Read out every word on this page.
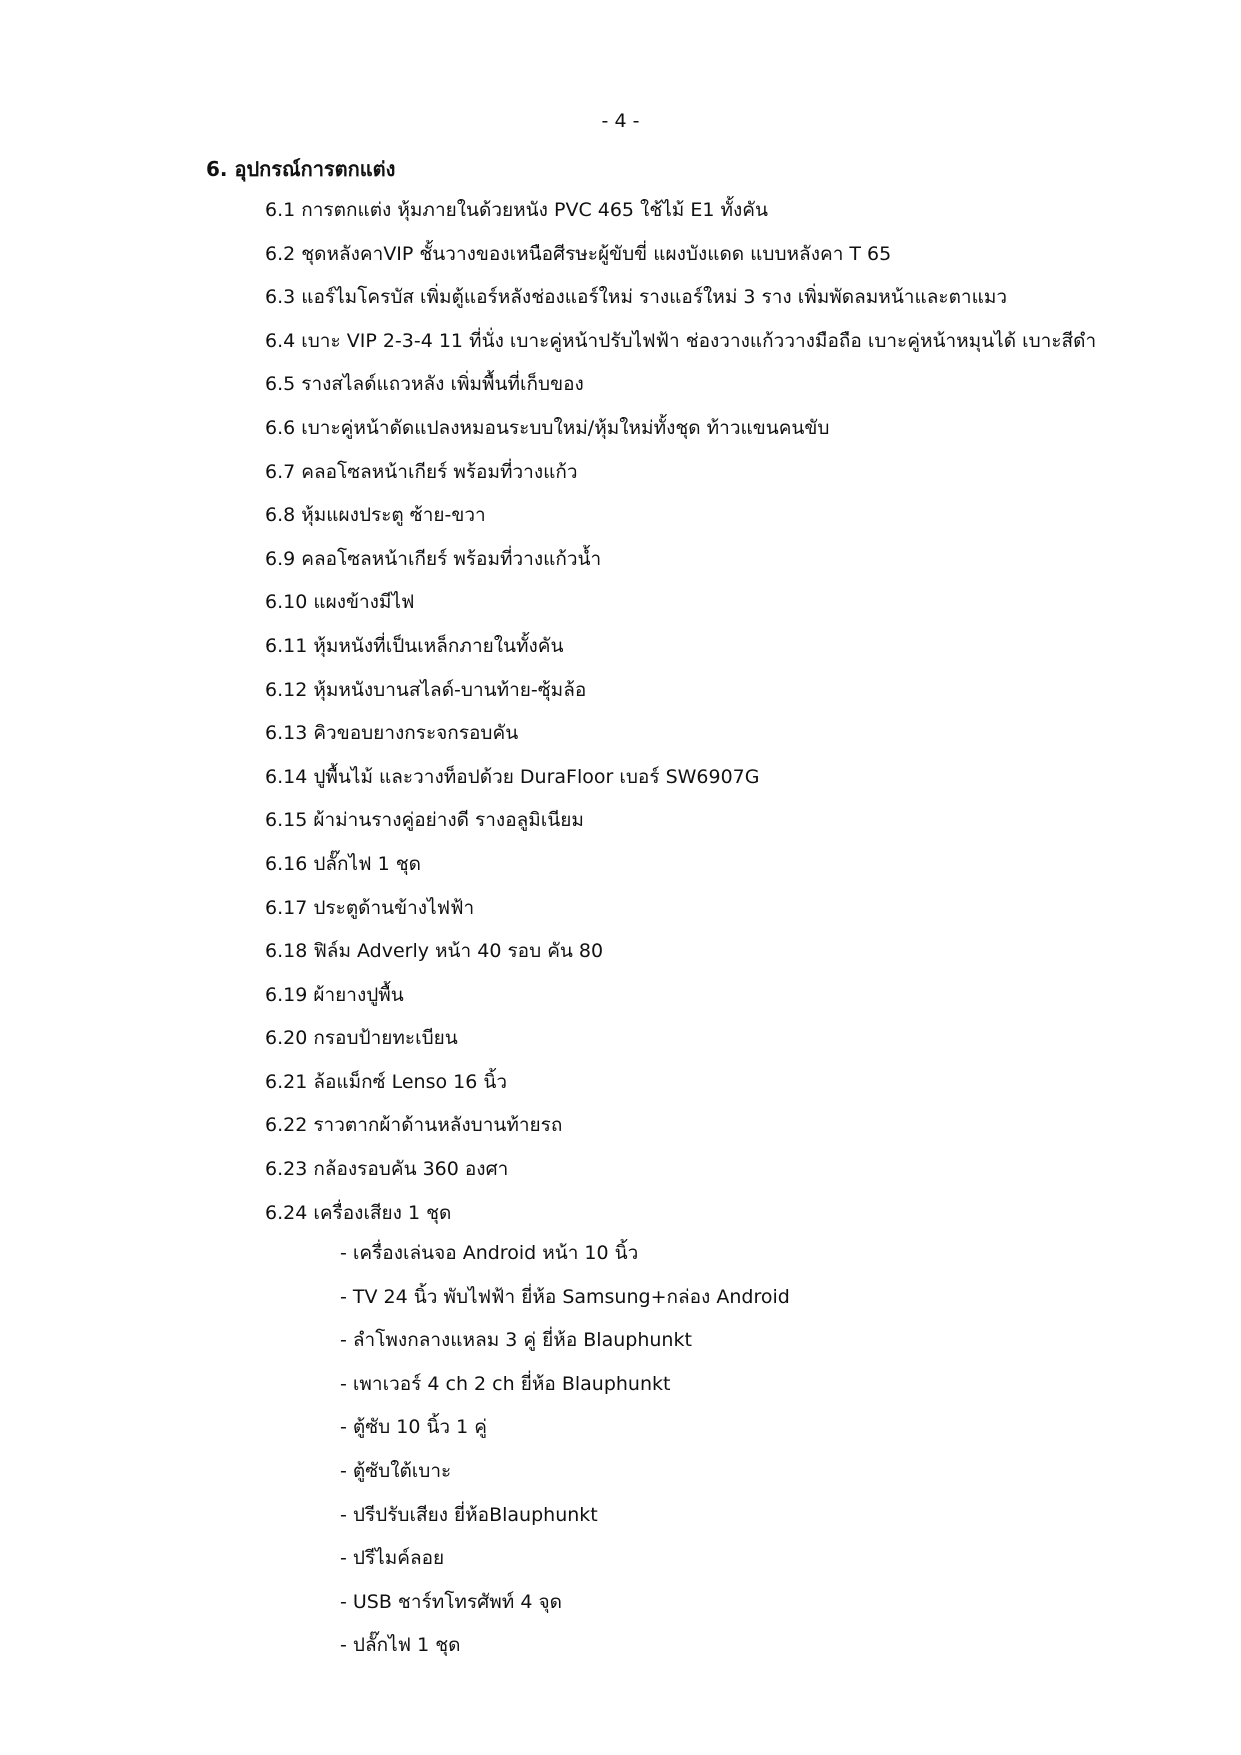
- 4 -
6. อุปกรณ์การตกแต่ง
6.1 การตกแต่ง หุ้มภายในด้วยหนัง PVC 465 ใช้ไม้ E1 ทั้งคัน
6.2 ชุดหลังคาVIP ชั้นวางของเหนือศีรษะผู้ขับขี่ แผงบังแดด แบบหลังคา T 65
6.3 แอร์ไมโครบัส เพิ่มตู้แอร์หลังช่องแอร์ใหม่ รางแอร์ใหม่ 3 ราง เพิ่มพัดลมหน้าและตาแมว
6.4 เบาะ VIP 2-3-4 11 ที่นั่ง เบาะคู่หน้าปรับไฟฟ้า ช่องวางแก้ววางมือถือ เบาะคู่หน้าหมุนได้ เบาะสีดำ
6.5 รางสไลด์แถวหลัง เพิ่มพื้นที่เก็บของ
6.6 เบาะคู่หน้าดัดแปลงหมอนระบบใหม่/หุ้มใหม่ทั้งชุด ท้าวแขนคนขับ
6.7 คลอโซลหน้าเกียร์ พร้อมที่วางแก้ว
6.8 หุ้มแผงประตู ซ้าย-ขวา
6.9 คลอโซลหน้าเกียร์ พร้อมที่วางแก้วน้ำ
6.10 แผงข้างมีไฟ
6.11 หุ้มหนังที่เป็นเหล็กภายในทั้งคัน
6.12 หุ้มหนังบานสไลด์-บานท้าย-ซุ้มล้อ
6.13 คิวขอบยางกระจกรอบคัน
6.14 ปูพื้นไม้ และวางท็อปด้วย DuraFloor เบอร์ SW6907G
6.15 ผ้าม่านรางคู่อย่างดี รางอลูมิเนียม
6.16 ปลั๊กไฟ 1 ชุด
6.17 ประตูด้านข้างไฟฟ้า
6.18 ฟิล์ม Adverly หน้า 40 รอบ คัน 80
6.19 ผ้ายางปูพื้น
6.20 กรอบป้ายทะเบียน
6.21 ล้อแม็กซ์ Lenso 16 นิ้ว
6.22 ราวตากผ้าด้านหลังบานท้ายรถ
6.23 กล้องรอบคัน 360 องศา
6.24 เครื่องเสียง 1 ชุด
- เครื่องเล่นจอ Android หน้า 10 นิ้ว
- TV 24 นิ้ว พับไฟฟ้า ยี่ห้อ Samsung+กล่อง Android
- ลำโพงกลางแหลม 3 คู่ ยี่ห้อ Blauphunkt
- เพาเวอร์ 4 ch 2 ch ยี่ห้อ Blauphunkt
- ตู้ซับ 10 นิ้ว 1 คู่
- ตู้ซับใต้เบาะ
- ปรีปรับเสียง ยี่ห้อBlauphunkt
- ปรีไมค์ลอย
- USB ชาร์ทโทรศัพท์ 4 จุด
- ปลั๊กไฟ 1 ชุด
